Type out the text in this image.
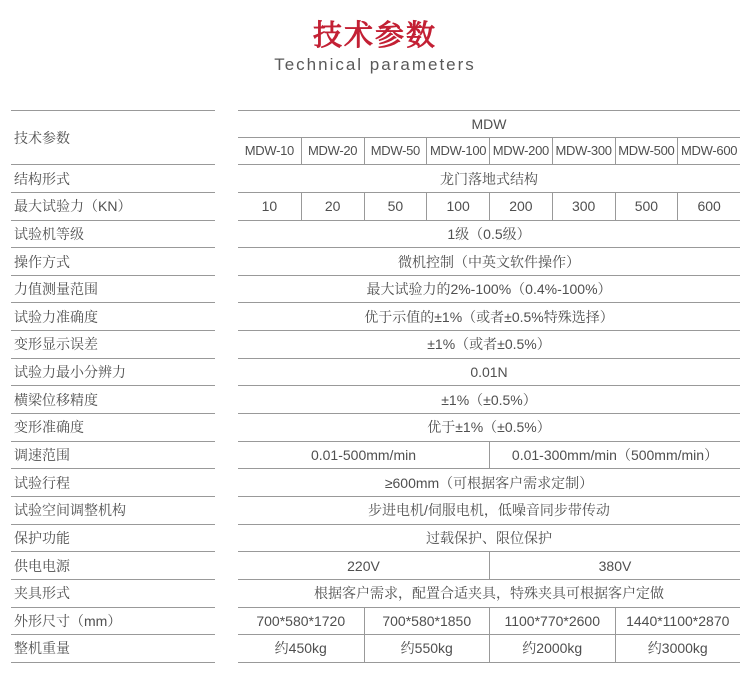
技术参数
Technical parameters
技术参数
MDW
MDW-10	MDW-20	MDW-50 MDW-100 MDW-200 MDW-300 MDW-500 MDW-600
结构形式	龙门落地式结构
最大试验力（KN）	10	20	50	100	200	300	500	600
试验机等级	1级（0.5级）
操作方式	微机控制（中英文软件操作）
力值测量范围	最大试验力的2%-100%（0.4%-100%）
试验力准确度	优于示值的±1%（或者±0.5%特殊选择）
变形显示误差	±1%（或者±0.5%）
试验力最小分辨力	0.01N
横梁位移精度	±1%（±0.5%）
变形准确度	优于±1%（±0.5%）
调速范围	0.01-500mm/min	0.01-300mm/min（500mm/min）
试验行程	≥600mm（可根据客户需求定制）
试验空间调整机构	步进电机/伺服电机，低噪音同步带传动
保护功能	过载保护、限位保护
供电电源	220V	380V
夹具形式	根据客户需求，配置合适夹具，特殊夹具可根据客户定做
外形尺寸（mm）	700*580*1720	700*580*1850	1100*770*2600	1440*1100*2870
整机重量	约450kg	约550kg	约2000kg	约3000kg
